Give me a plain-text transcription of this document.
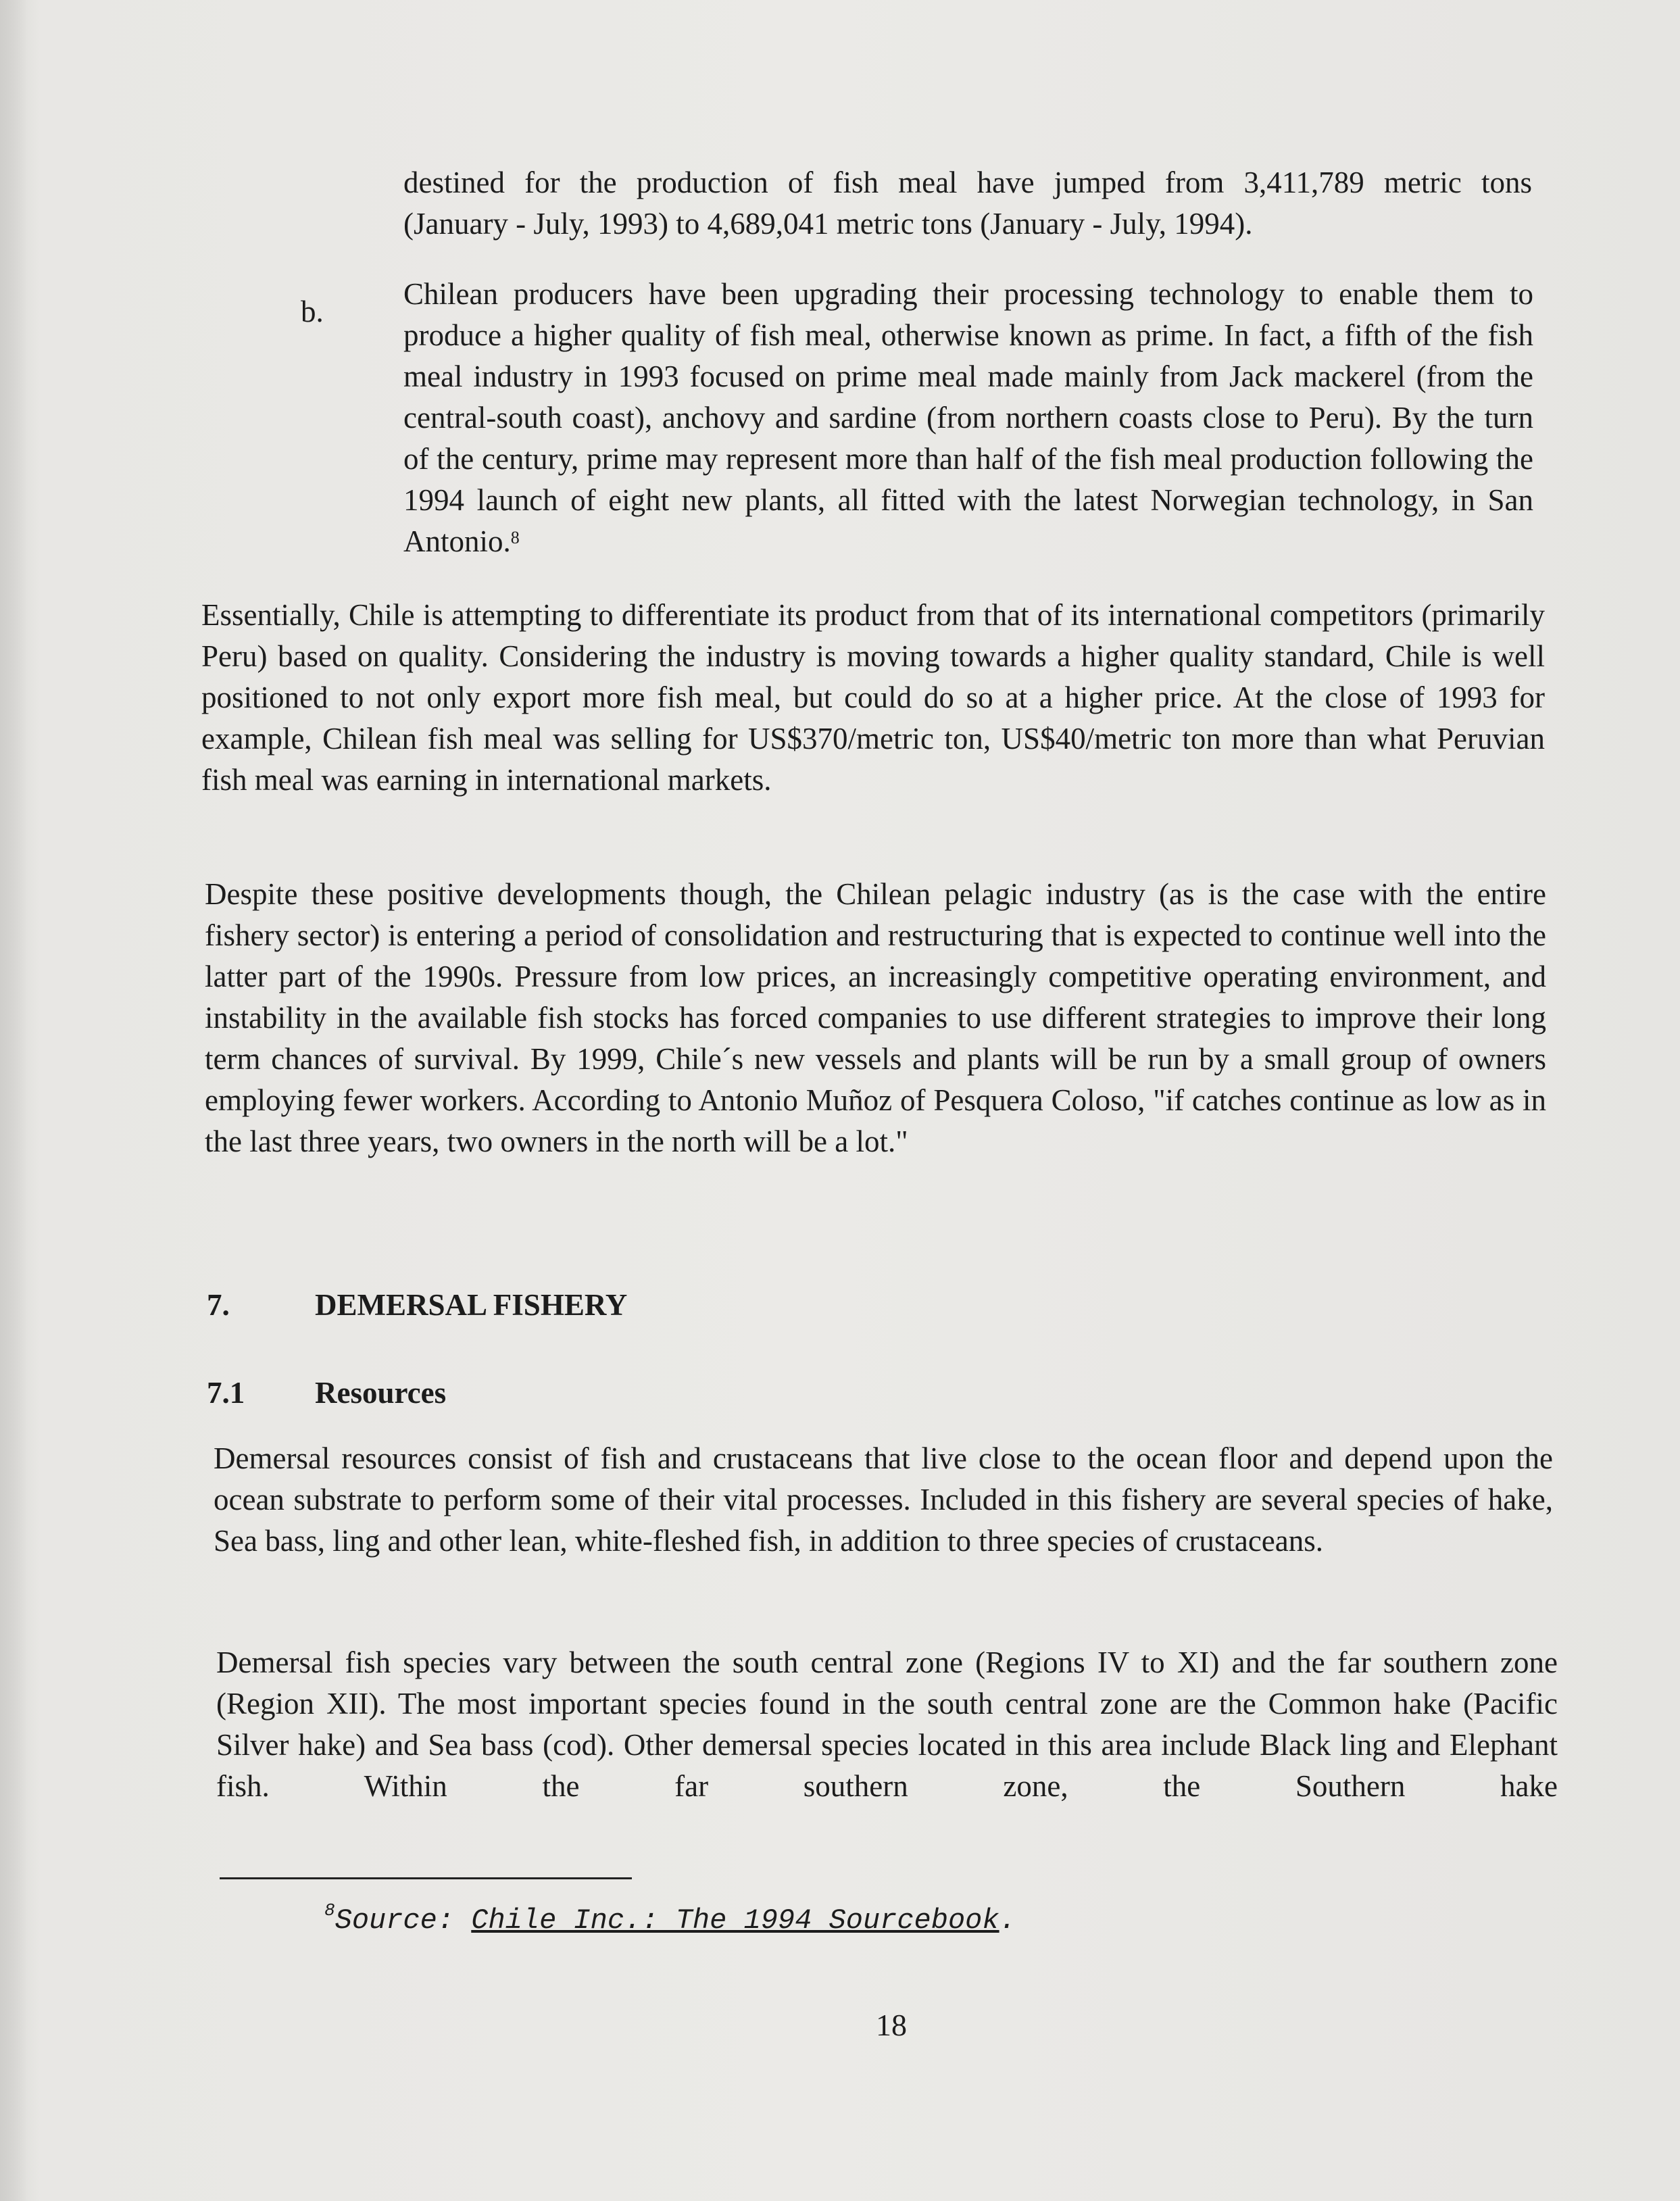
destined for the production of fish meal have jumped from 3,411,789 metric tons

(January - July, 1993) to 4,689,041 metric tons (January - July, 1994).

b.

Chilean producers have been upgrading their processing technology to enable them to produce a higher quality of fish meal, otherwise known as prime. In fact, a fifth of the fish meal industry in 1993 focused on prime meal made mainly from Jack mackerel (from the central-south coast), anchovy and sardine (from northern coasts close to Peru). By the turn of the century, prime may represent more than half of the fish meal production following the 1994 launch of eight new plants, all fitted with the latest Norwegian technology, in San Antonio.$^8$

Essentially, Chile is attempting to differentiate its product from that of its international competitors (primarily Peru) based on quality. Considering the industry is moving towards a higher quality standard, Chile is well positioned to not only export more fish meal, but could do so at a higher price. At the close of 1993 for example, Chilean fish meal was selling for US$370/metric ton, US$40/metric ton more than what Peruvian fish meal was earning in international markets.

Despite these positive developments though, the Chilean pelagic industry (as is the case with the entire fishery sector) is entering a period of consolidation and restructuring that is expected to continue well into the latter part of the 1990s. Pressure from low prices, an increasingly competitive operating environment, and instability in the available fish stocks has forced companies to use different strategies to improve their long term chances of survival. By 1999, Chile´s new vessels and plants will be run by a small group of owners employing fewer workers. According to Antonio Muñoz of Pesquera Coloso, "if catches continue as low as in the last three years, two owners in the north will be a lot."

7.	DEMERSAL FISHERY
7.1 Resources

Demersal resources consist of fish and crustaceans that live close to the ocean floor and depend upon the ocean substrate to perform some of their vital processes. Included in this fishery are several species of hake, Sea bass, ling and other lean, white-fleshed fish, in addition to three species of crustaceans.

Demersal fish species vary between the south central zone (Regions IV to XI) and the far southern zone (Region XII). The most important species found in the south central zone are the Common hake (Pacific Silver hake) and Sea bass (cod). Other demersal species located in this area include Black ling and Elephant fish. Within the far southern zone, the Southern hake

$^8$Source: Chile Inc.: The 1994 Sourcebook.
18
